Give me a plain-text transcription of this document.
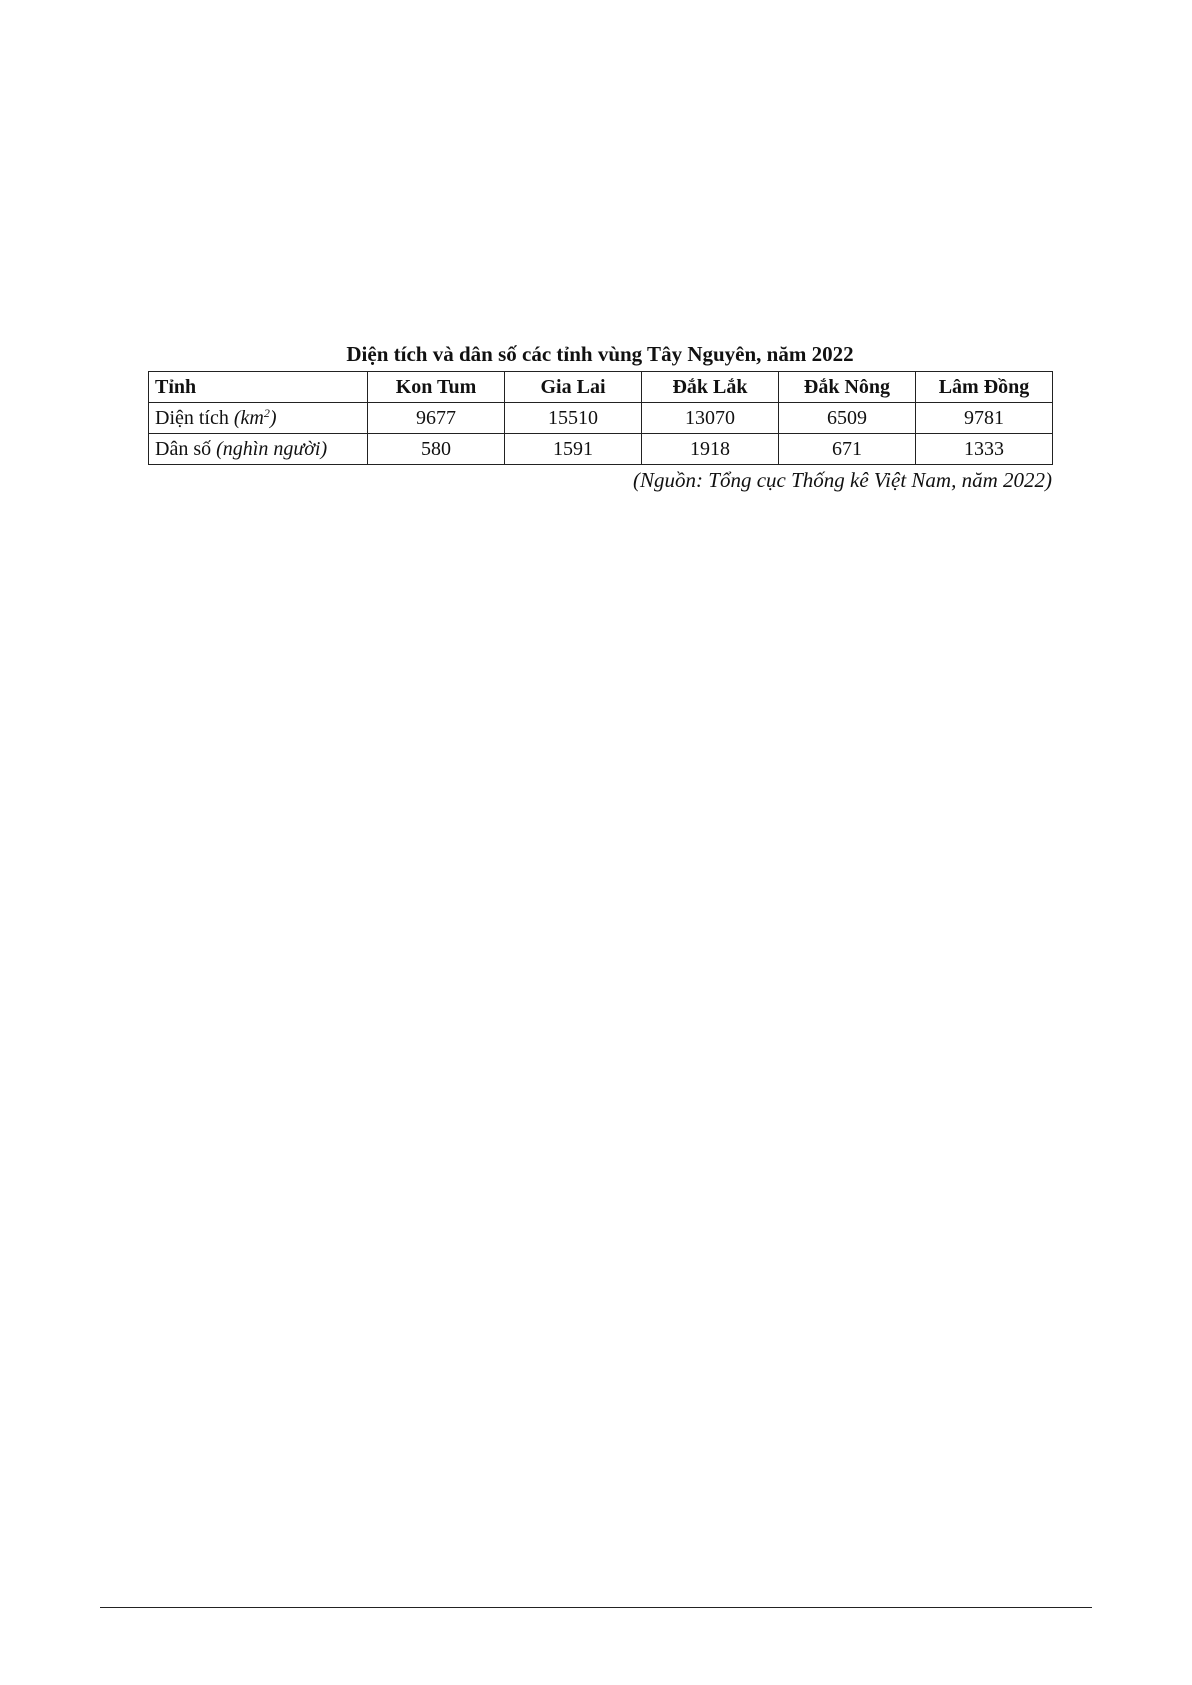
Diện tích và dân số các tỉnh vùng Tây Nguyên, năm 2022
Tỉnh	Kon Tum	Gia Lai	Đắk Lắk	Đắk Nông	Lâm Đồng
Diện tích $(km^2)$	9677	15510	13070	6509	9781
Dân số (nghìn người)	580	1591	1918	671	1333
(Nguồn: Tổng cục Thống kê Việt Nam, năm 2022)
